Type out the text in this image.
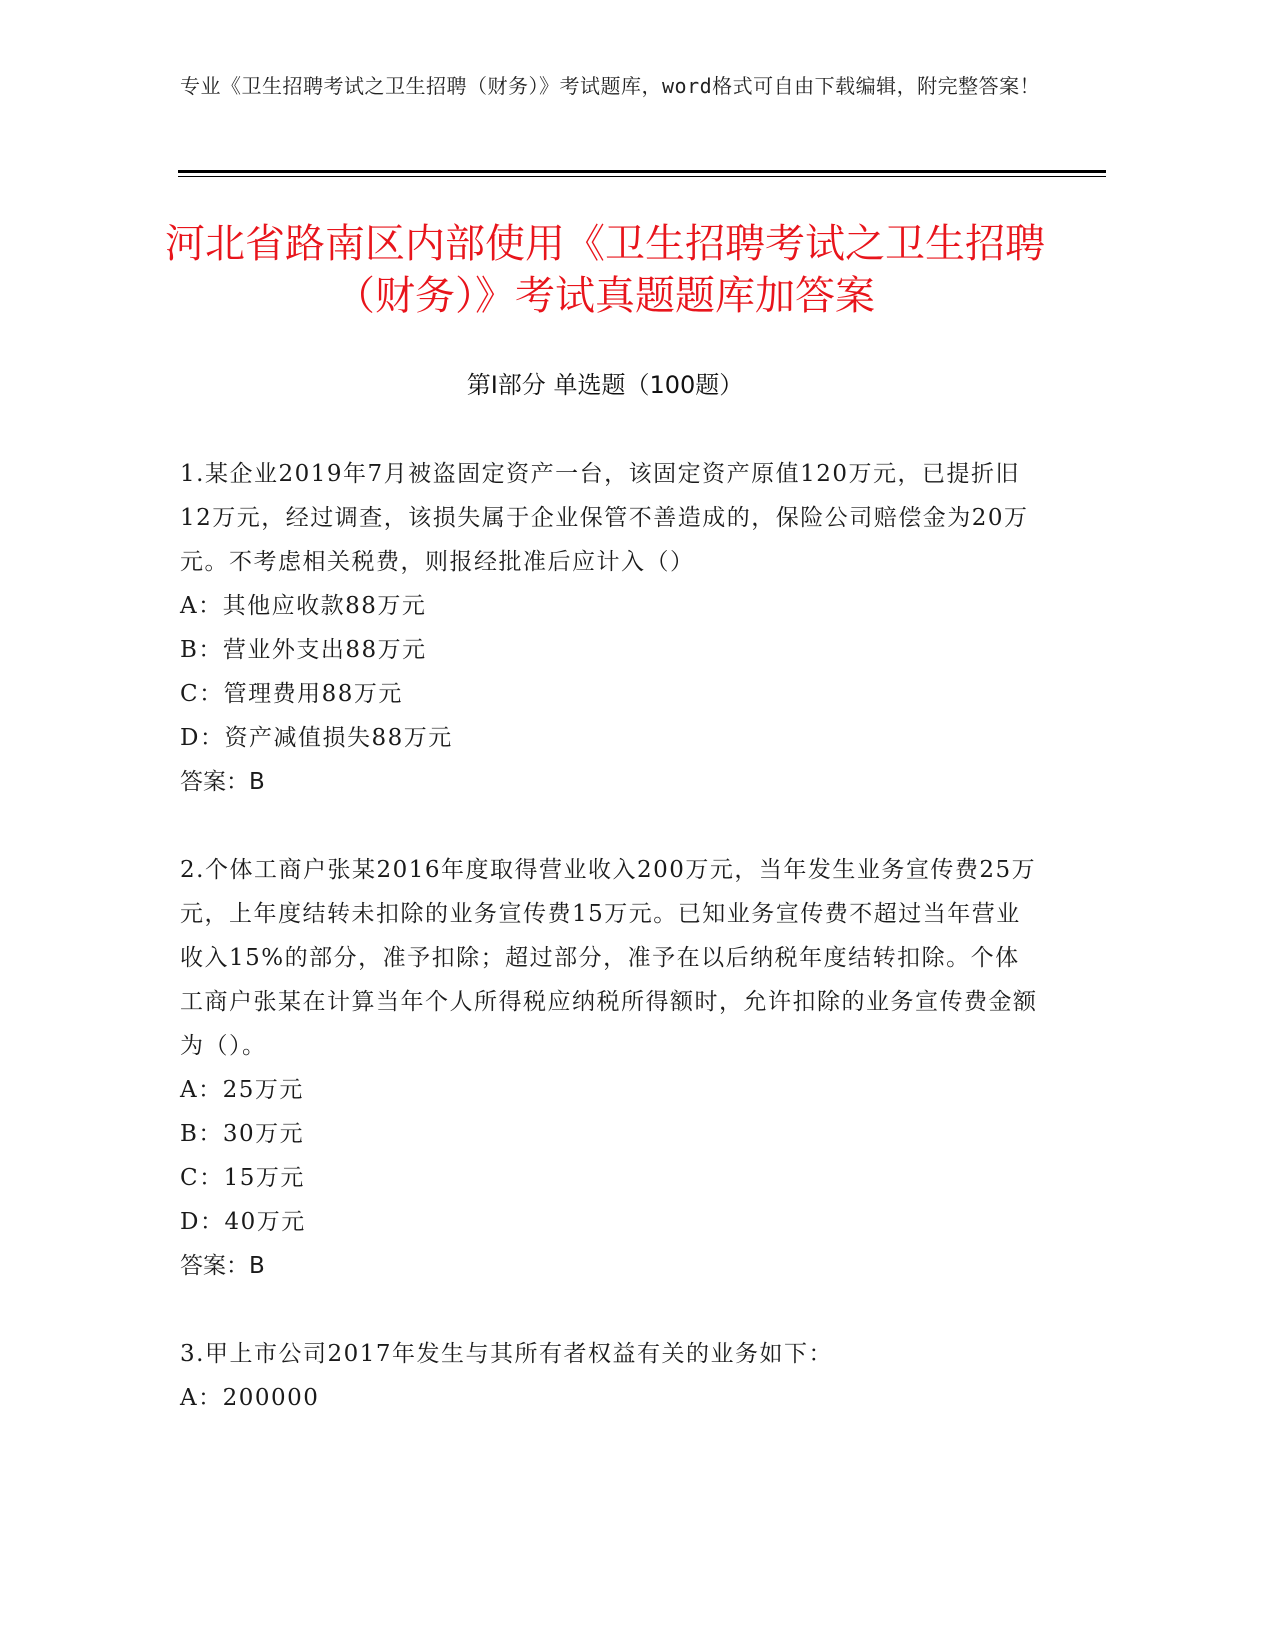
专业《卫生招聘考试之卫生招聘（财务）》考试题库，word格式可自由下载编辑，附完整答案！
河北省路南区内部使用《卫生招聘考试之卫生招聘（财务）》考试真题题库加答案
第Ⅰ部分 单选题（100题）
1.某企业2019年7月被盗固定资产一台，该固定资产原值120万元，已提折旧12万元，经过调查，该损失属于企业保管不善造成的，保险公司赔偿金为20万元。不考虑相关税费，则报经批准后应计入（）
A：其他应收款88万元
B：营业外支出88万元
C：管理费用88万元
D：资产减值损失88万元
答案：B
2.个体工商户张某2016年度取得营业收入200万元，当年发生业务宣传费25万元，上年度结转未扣除的业务宣传费15万元。已知业务宣传费不超过当年营业收入15%的部分，准予扣除；超过部分，准予在以后纳税年度结转扣除。个体工商户张某在计算当年个人所得税应纳税所得额时，允许扣除的业务宣传费金额为（）。
A：25万元
B：30万元
C：15万元
D：40万元
答案：B
3.甲上市公司2017年发生与其所有者权益有关的业务如下：
A：200000
